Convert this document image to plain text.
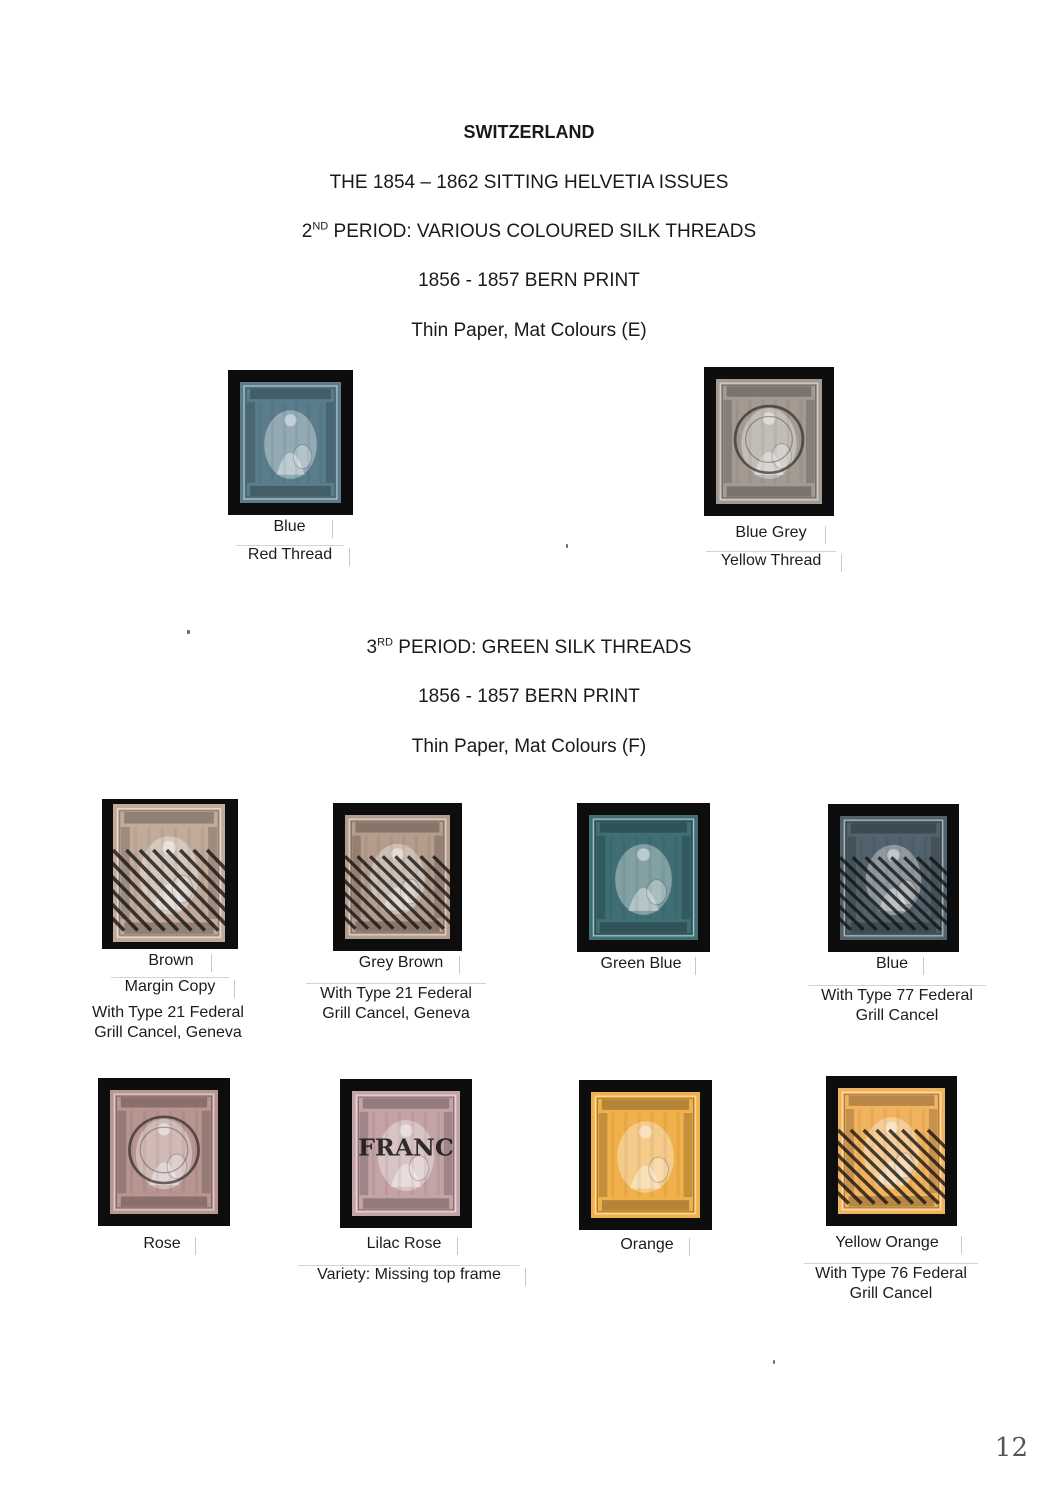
SWITZERLAND
THE 1854 – 1862 SITTING HELVETIA ISSUES
2ND PERIOD: VARIOUS COLOURED SILK THREADS
1856 - 1857 BERN PRINT
Thin Paper, Mat Colours (E)
Blue
Red Thread
Blue Grey
Yellow Thread
3RD PERIOD: GREEN SILK THREADS
1856 - 1857 BERN PRINT
Thin Paper, Mat Colours (F)
Brown
Margin Copy
With Type 21 Federal Grill Cancel, Geneva
Grey Brown
With Type 21 Federal Grill Cancel, Geneva
Green Blue	Blue
With Type 77 Federal Grill Cancel
Rose
FRANC
Lilac Rose
Variety: Missing top frame
Orange	Yellow Orange
With Type 76 Federal Grill Cancel
12
